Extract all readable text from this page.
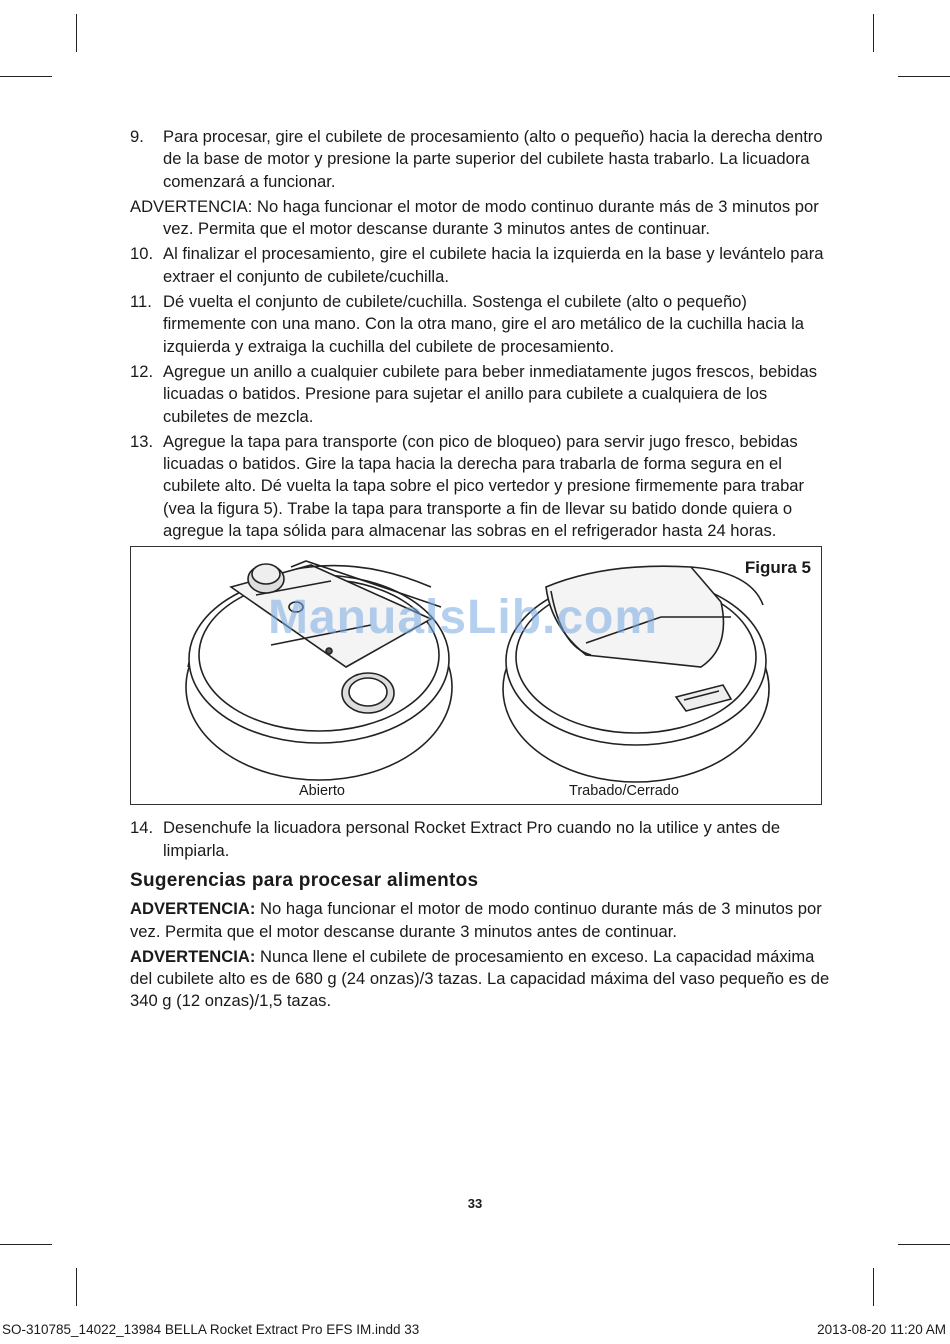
9. Para procesar, gire el cubilete de procesamiento (alto o pequeño) hacia la derecha dentro de la base de motor y presione la parte superior del cubilete hasta trabarlo. La licuadora comenzará a funcionar.
ADVERTENCIA: No haga funcionar el motor de modo continuo durante más de 3 minutos por vez. Permita que el motor descanse durante 3 minutos antes de continuar.
10. Al finalizar el procesamiento, gire el cubilete hacia la izquierda en la base y levántelo para extraer el conjunto de cubilete/cuchilla.
11. Dé vuelta el conjunto de cubilete/cuchilla. Sostenga el cubilete (alto o pequeño) firmemente con una mano. Con la otra mano, gire el aro metálico de la cuchilla hacia la izquierda y extraiga la cuchilla del cubilete de procesamiento.
12. Agregue un anillo a cualquier cubilete para beber inmediatamente jugos frescos, bebidas licuadas o batidos. Presione para sujetar el anillo para cubilete a cualquiera de los cubiletes de mezcla.
13. Agregue la tapa para transporte (con pico de bloqueo) para servir jugo fresco, bebidas licuadas o batidos. Gire la tapa hacia la derecha para trabarla de forma segura en el cubilete alto. Dé vuelta la tapa sobre el pico vertedor y presione firmemente para trabar (vea la figura 5). Trabe la tapa para transporte a fin de llevar su batido donde quiera o agregue la tapa sólida para almacenar las sobras en el refrigerador hasta 24 horas.
Figura 5
Abierto	Trabado/Cerrado
14. Desenchufe la licuadora personal Rocket Extract Pro cuando no la utilice y antes de limpiarla.
Sugerencias para procesar alimentos
ADVERTENCIA: No haga funcionar el motor de modo continuo durante más de 3 minutos por vez. Permita que el motor descanse durante 3 minutos antes de continuar.
ADVERTENCIA: Nunca llene el cubilete de procesamiento en exceso. La capacidad máxima del cubilete alto es de 680 g (24 onzas)/3 tazas. La capacidad máxima del vaso pequeño es de 340 g (12 onzas)/1,5 tazas.
ManualsLib.com
33
SO-310785_14022_13984 BELLA Rocket Extract Pro EFS IM.indd 33	2013-08-20 11:20 AM
